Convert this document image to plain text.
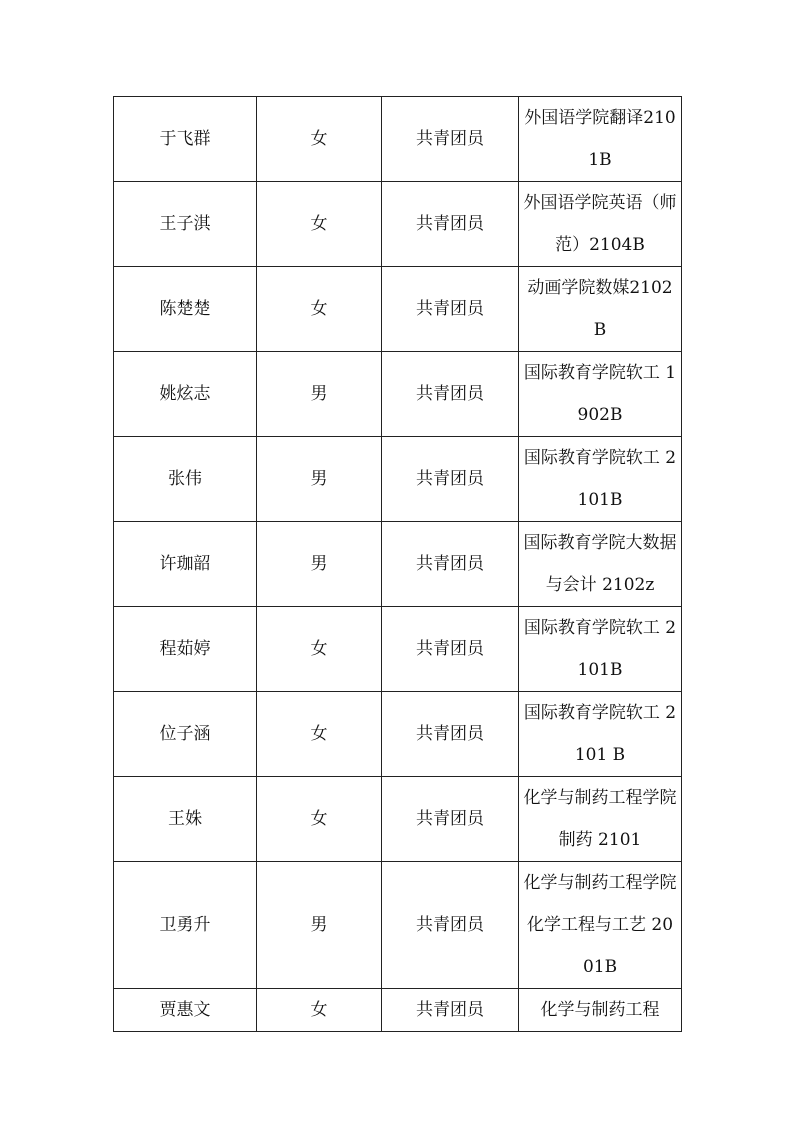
于飞群	女	共青团员	外国语学院翻译2101B
王子淇	女	共青团员	外国语学院英语（师范）2104B
陈楚楚	女	共青团员	动画学院数媒2102B
姚炫志	男	共青团员	国际教育学院软工 1902B
张伟	男	共青团员	国际教育学院软工 2101B
许珈韶	男	共青团员	国际教育学院大数据与会计 2102z
程茹婷	女	共青团员	国际教育学院软工 2101B
位子涵	女	共青团员	国际教育学院软工 2101 B
王姝	女	共青团员	化学与制药工程学院制药 2101
卫勇升	男	共青团员	化学与制药工程学院化学工程与工艺 2001B
贾惠文	女	共青团员	化学与制药工程
